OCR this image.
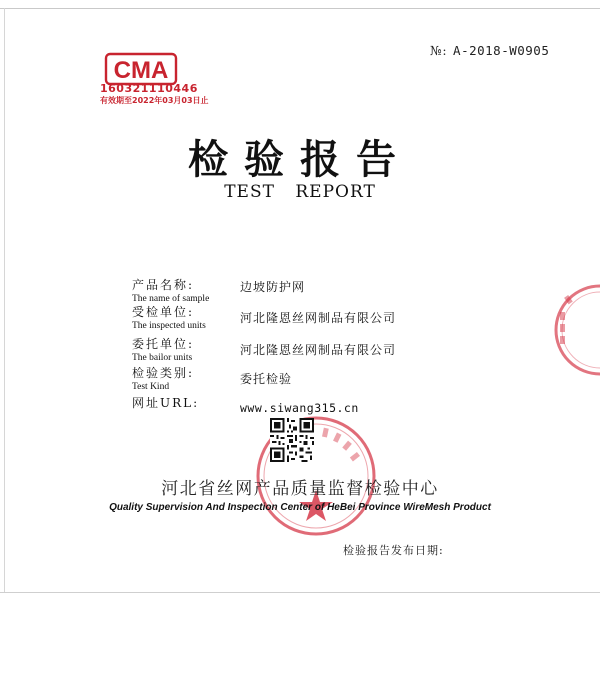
№: A-2018-W0905
CMA
160321110446
有效期至2022年03月03日止
检验报告
TEST REPORT
产品名称:
The name of sample
边坡防护网
受检单位:
The inspected units
河北隆恩丝网制品有限公司
委托单位:
The bailor units
河北隆恩丝网制品有限公司
检验类别:
Test Kind
委托检验
网址URL:	www.siwang315.cn
河北省丝网产品质量监督检验中心
Quality Supervision And Inspection Center of HeBei Province WireMesh Product
检验报告发布日期:
